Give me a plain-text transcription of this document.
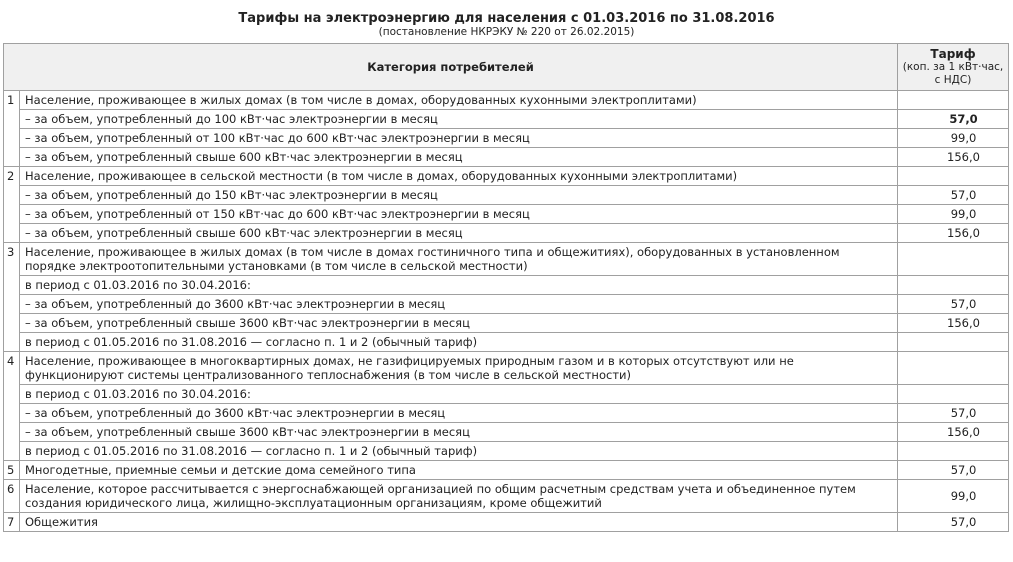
Тарифы на электроэнергию для населения с 01.03.2016 по 31.08.2016
(постановление НКРЭКУ № 220 от 26.02.2015)
Категория потребителей		Тариф
(коп. за 1 кВт·час, с НДС)

1	Население, проживающее в жилых домах (в том числе в домах, оборудованных кухонными электроплитами)	
	– за объем, употребленный до 100 кВт·час электроэнергии в месяц	57,0
	– за объем, употребленный от 100 кВт·час до 600 кВт·час электроэнергии в месяц	99,0
	– за объем, употребленный свыше 600 кВт·час электроэнергии в месяц	156,0
2	Население, проживающее в сельской местности (в том числе в домах, оборудованных кухонными электроплитами)	
	– за объем, употребленный до 150 кВт·час электроэнергии в месяц	57,0
	– за объем, употребленный от 150 кВт·час до 600 кВт·час электроэнергии в месяц	99,0
	– за объем, употребленный свыше 600 кВт·час электроэнергии в месяц	156,0
3	Население, проживающее в жилых домах (в том числе в домах гостиничного типа и общежитиях), оборудованных в установленном порядке электроотопительными установками (в том числе в сельской местности)	
	в период с 01.03.2016 по 30.04.2016:	
	– за объем, употребленный до 3600 кВт·час электроэнергии в месяц	57,0
	– за объем, употребленный свыше 3600 кВт·час электроэнергии в месяц	156,0
	в период с 01.05.2016 по 31.08.2016 — согласно п. 1 и 2 (обычный тариф)	
4	Население, проживающее в многоквартирных домах, не газифицируемых природным газом и в которых отсутствуют или не функционируют системы централизованного теплоснабжения (в том числе в сельской местности)	
	в период с 01.03.2016 по 30.04.2016:	
	– за объем, употребленный до 3600 кВт·час электроэнергии в месяц	57,0
	– за объем, употребленный свыше 3600 кВт·час электроэнергии в месяц	156,0
	в период с 01.05.2016 по 31.08.2016 — согласно п. 1 и 2 (обычный тариф)	
5	Многодетные, приемные семьи и детские дома семейного типа	57,0
6	Население, которое рассчитывается с энергоснабжающей организацией по общим расчетным средствам учета и объединенное путем создания юридического лица, жилищно-эксплуатационным организациям, кроме общежитий	99,0
7	Общежития	57,0
